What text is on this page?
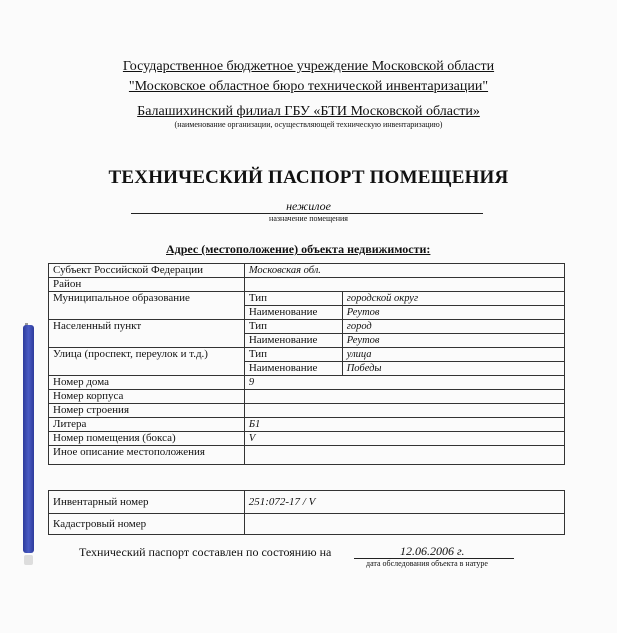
Государственное бюджетное учреждение Московской области
"Московское областное бюро технической инвентаризации"
Балашихинский филиал ГБУ «БТИ Московской области»
(наименование организации, осуществляющей техническую инвентаризацию)
ТЕХНИЧЕСКИЙ ПАСПОРТ ПОМЕЩЕНИЯ
нежилое
назначение помещения
Адрес (местоположение) объекта недвижимости:
Субъект Российской Федерации	Московская обл.	
Район		
Муниципальное образование	Тип	городской округ
	Наименование	Реутов
Населенный пункт	Тип	город
	Наименование	Реутов
Улица (проспект, переулок и т.д.)	Тип	улица
	Наименование	Победы
Номер дома	9	
Номер корпуса		
Номер строения		
Литера	Б1	
Номер помещения (бокса)	V	
Иное описание местоположения		
Инвентарный номер	251:072-17 / V
Кадастровый номер	
Технический паспорт составлен по состоянию на	12.06.2006 г.
дата обследования объекта в натуре
